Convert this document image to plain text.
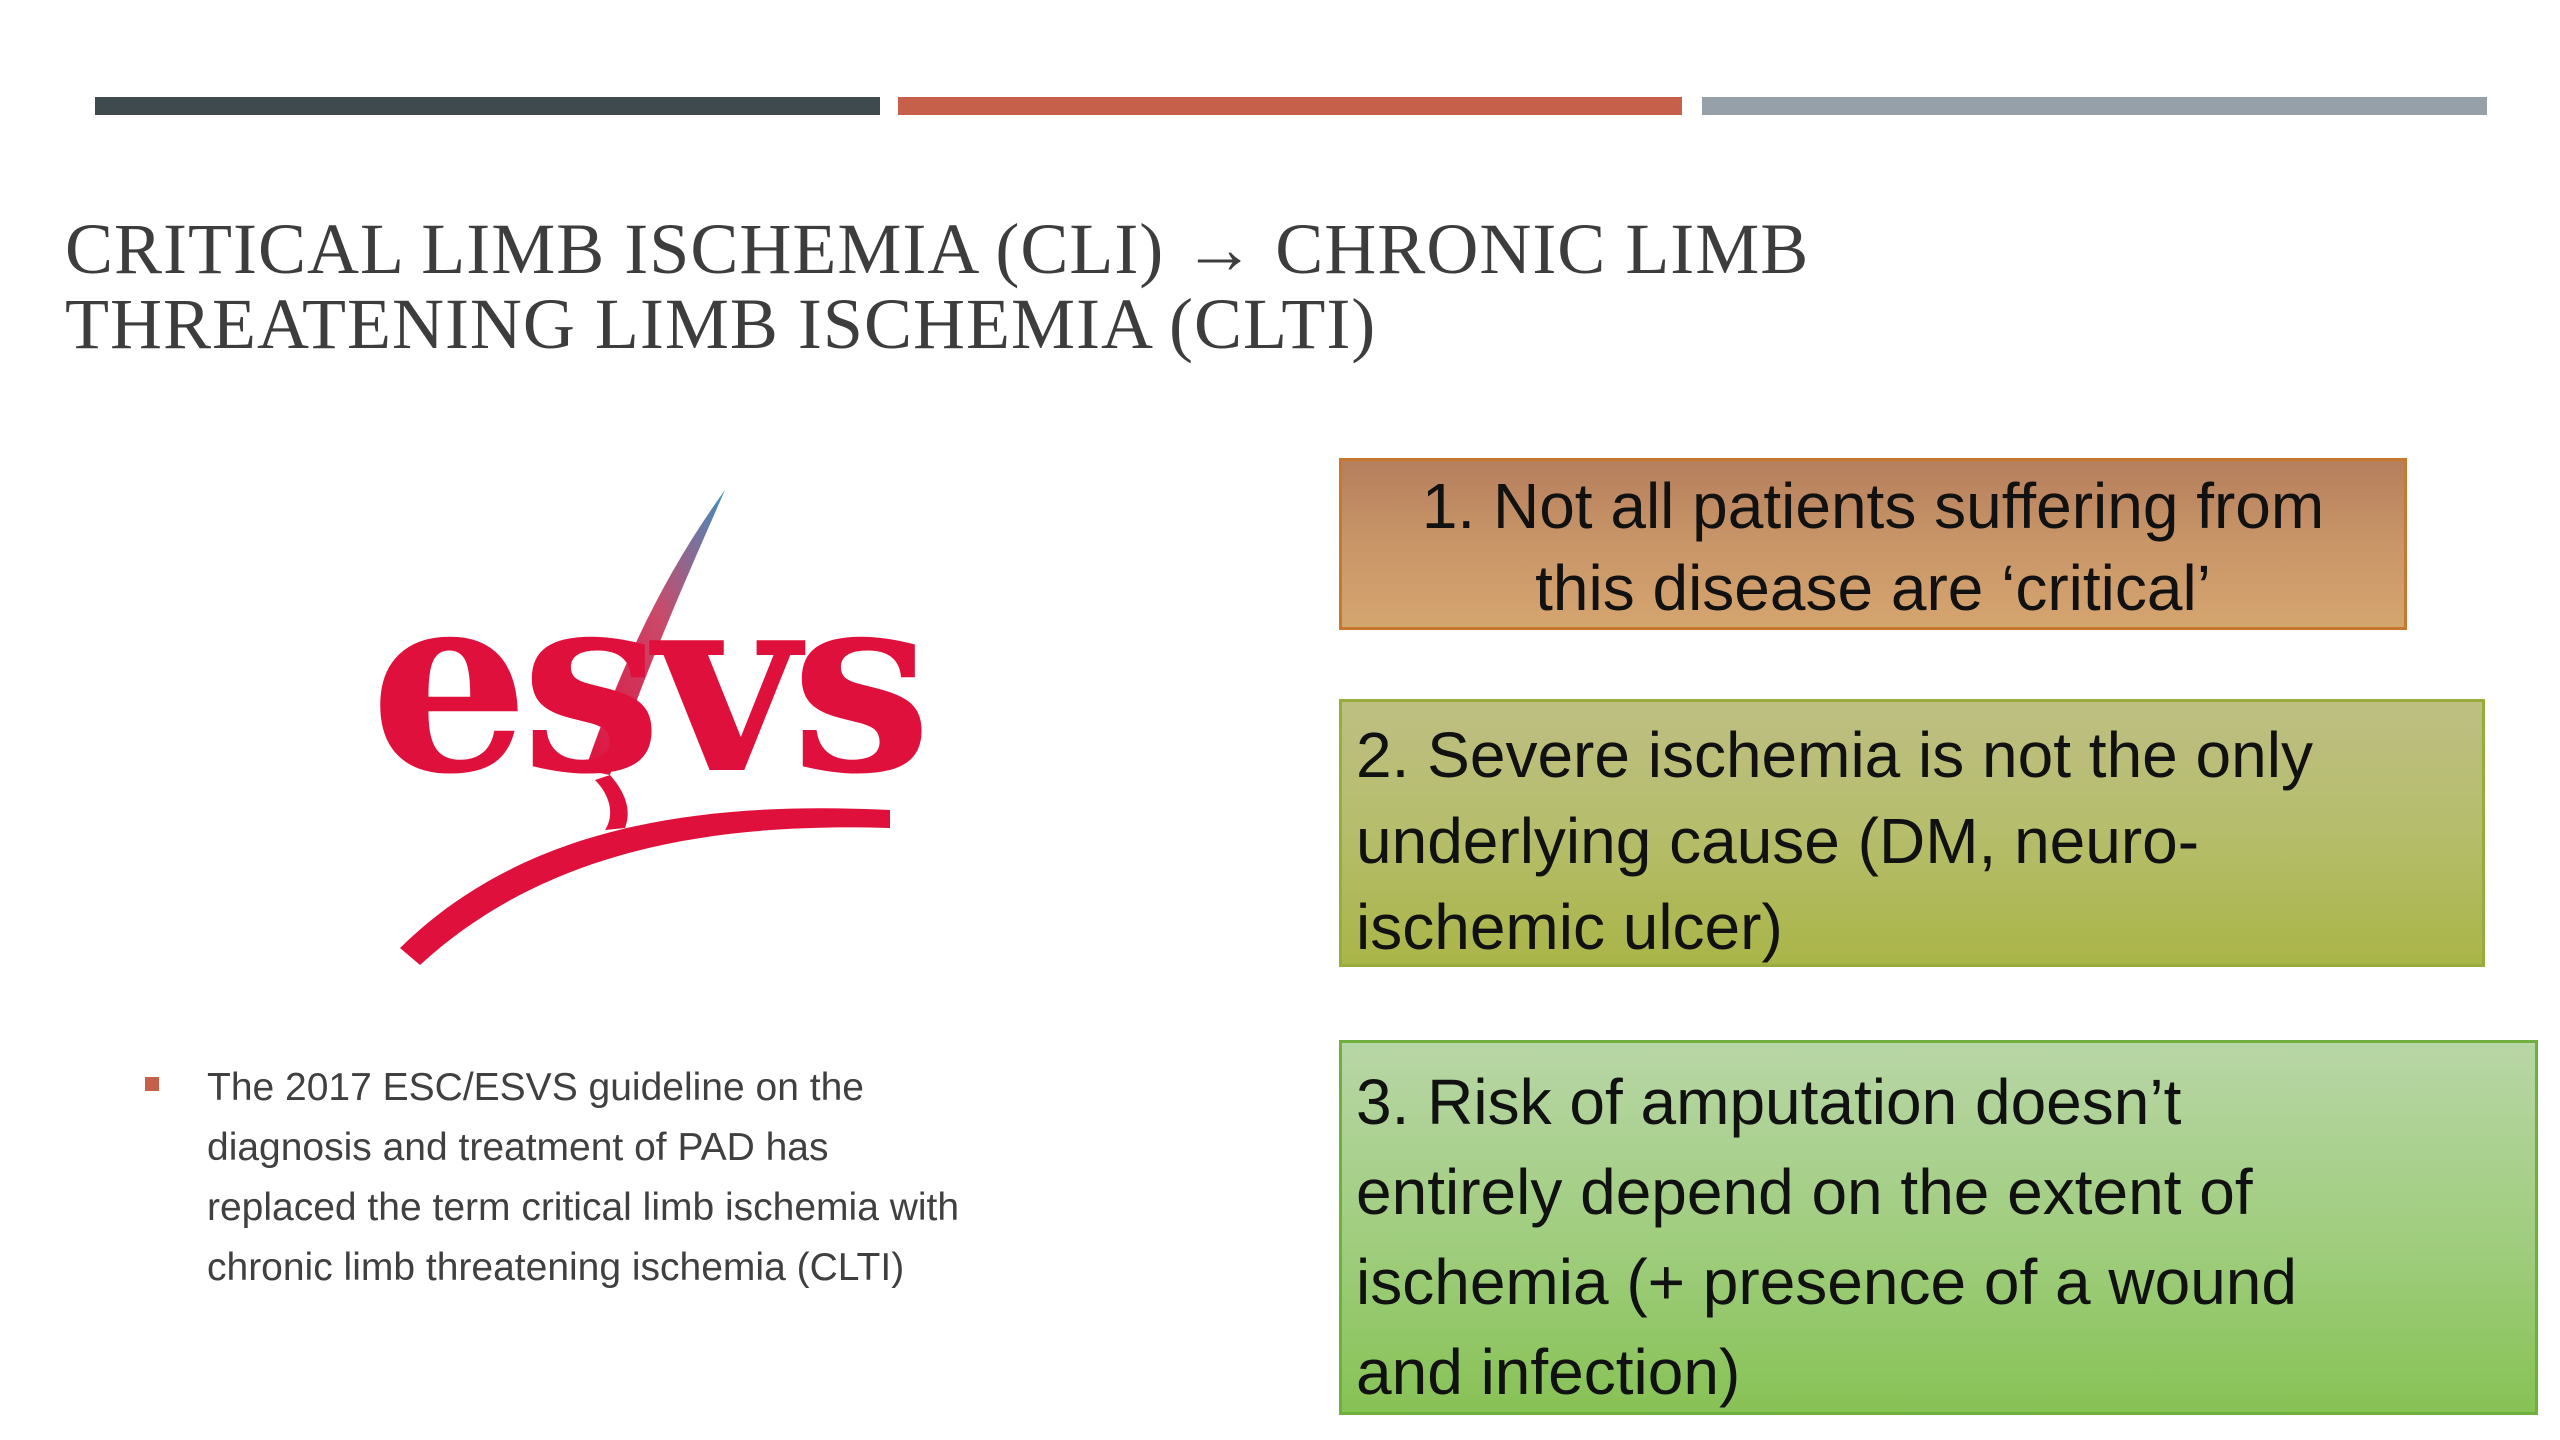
CRITICAL LIMB ISCHEMIA (CLI) → CHRONIC LIMB
THREATENING LIMB ISCHEMIA (CLTI)
esvs

The 2017 ESC/ESVS guideline on the
diagnosis and treatment of PAD has
replaced the term critical limb ischemia with
chronic limb threatening ischemia (CLTI)

1. Not all patients suffering from
this disease are ‘critical’
2. Severe ischemia is not the only
underlying cause (DM, neuro-
ischemic ulcer)
3. Risk of amputation doesn’t
entirely depend on the extent of
ischemia (+ presence of a wound
and infection)
